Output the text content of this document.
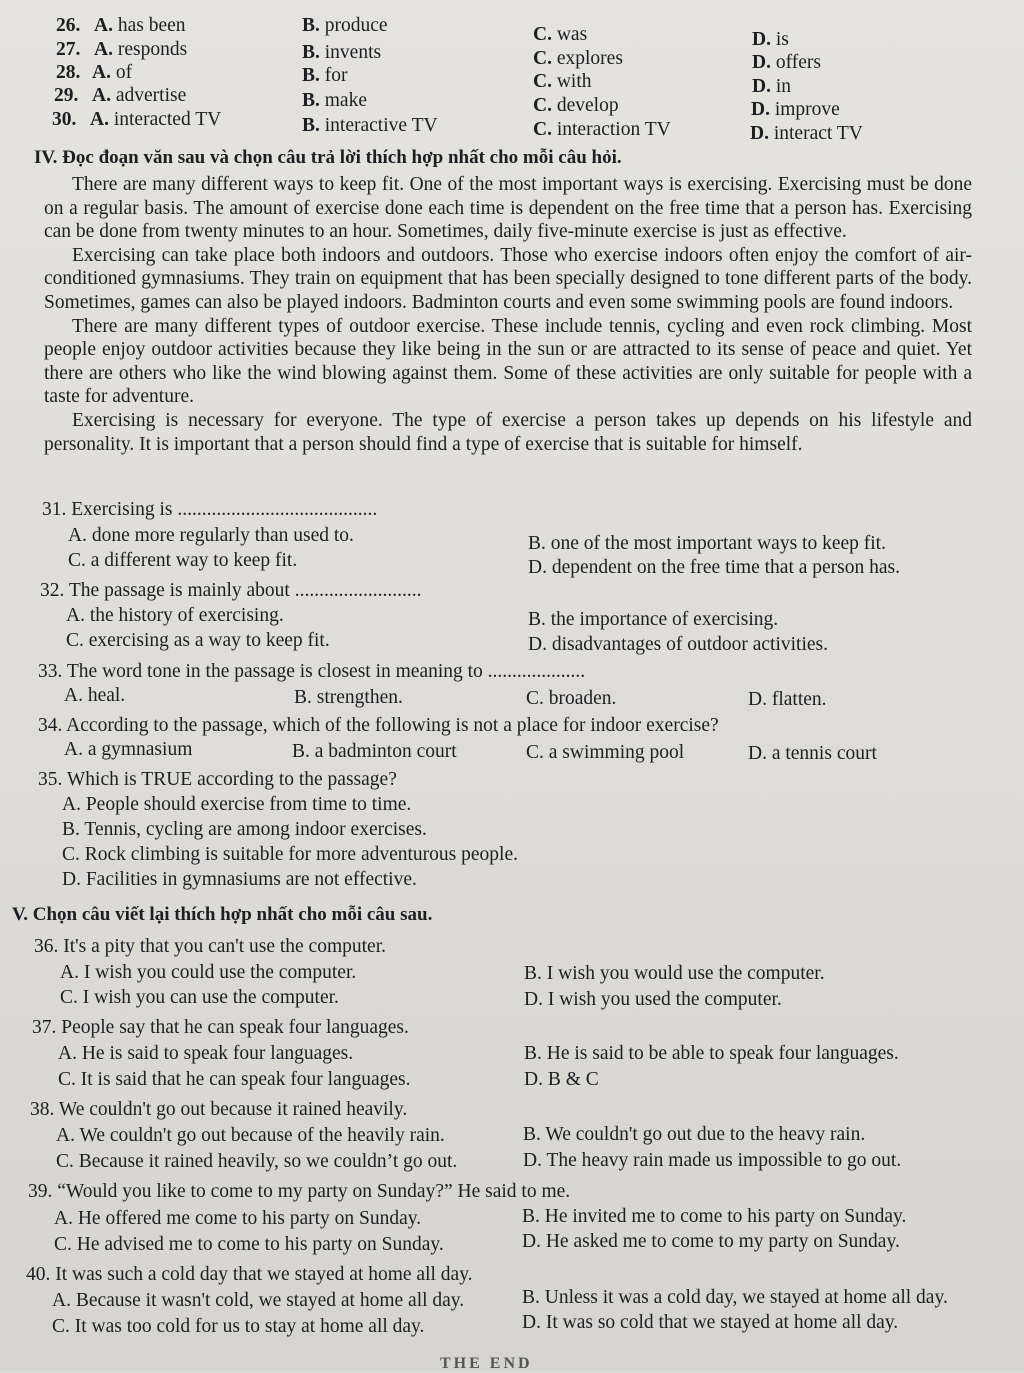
26. A. has been	B. produce	C. was	D. is
27. A. responds	B. invents	C. explores	D. offers
28. A. of	B. for	C. with	D. in
29. A. advertise	B. make	C. develop	D. improve
30. A. interacted TV	B. interactive TV	C. interaction TV	D. interact TV
IV. Đọc đoạn văn sau và chọn câu trả lời thích hợp nhất cho mỗi câu hỏi.

There are many different ways to keep fit. One of the most important ways is exercising. Exercising must be done on a regular basis. The amount of exercise done each time is dependent on the free time that a person has. Exercising can be done from twenty minutes to an hour. Sometimes, daily five-minute exercise is just as effective.

Exercising can take place both indoors and outdoors. Those who exercise indoors often enjoy the comfort of air-conditioned gymnasiums. They train on equipment that has been specially designed to tone different parts of the body. Sometimes, games can also be played indoors. Badminton courts and even some swimming pools are found indoors.

There are many different types of outdoor exercise. These include tennis, cycling and even rock climbing. Most people enjoy outdoor activities because they like being in the sun or are attracted to its sense of peace and quiet. Yet there are others who like the wind blowing against them. Some of these activities are only suitable for people with a taste for adventure.

Exercising is necessary for everyone. The type of exercise a person takes up depends on his lifestyle and personality. It is important that a person should find a type of exercise that is suitable for himself.

31. Exercising is .........................................
A. done more regularly than used to.	B. one of the most important ways to keep fit.
C. a different way to keep fit.	D. dependent on the free time that a person has.
32. The passage is mainly about ..........................
A. the history of exercising.	B. the importance of exercising.
C. exercising as a way to keep fit.	D. disadvantages of outdoor activities.
33. The word tone in the passage is closest in meaning to ....................
A. heal.	B. strengthen.	C. broaden.	D. flatten.
34. According to the passage, which of the following is not a place for indoor exercise?
A. a gymnasium	B. a badminton court	C. a swimming pool	D. a tennis court
35. Which is TRUE according to the passage?
A. People should exercise from time to time.
B. Tennis, cycling are among indoor exercises.
C. Rock climbing is suitable for more adventurous people.
D. Facilities in gymnasiums are not effective.
V. Chọn câu viết lại thích hợp nhất cho mỗi câu sau.
36. It's a pity that you can't use the computer.
A. I wish you could use the computer.	B. I wish you would use the computer.
C. I wish you can use the computer.	D. I wish you used the computer.
37. People say that he can speak four languages.
A. He is said to speak four languages.	B. He is said to be able to speak four languages.
C. It is said that he can speak four languages.	D. B & C
38. We couldn't go out because it rained heavily.
A. We couldn't go out because of the heavily rain.	B. We couldn't go out due to the heavy rain.
C. Because it rained heavily, so we couldn’t go out.	D. The heavy rain made us impossible to go out.
39. “Would you like to come to my party on Sunday?” He said to me.
A. He offered me come to his party on Sunday.	B. He invited me to come to his party on Sunday.
C. He advised me to come to his party on Sunday.	D. He asked me to come to my party on Sunday.
40. It was such a cold day that we stayed at home all day.
A. Because it wasn't cold, we stayed at home all day.	B. Unless it was a cold day, we stayed at home all day.
C. It was too cold for us to stay at home all day.	D. It was so cold that we stayed at home all day.
THE END
